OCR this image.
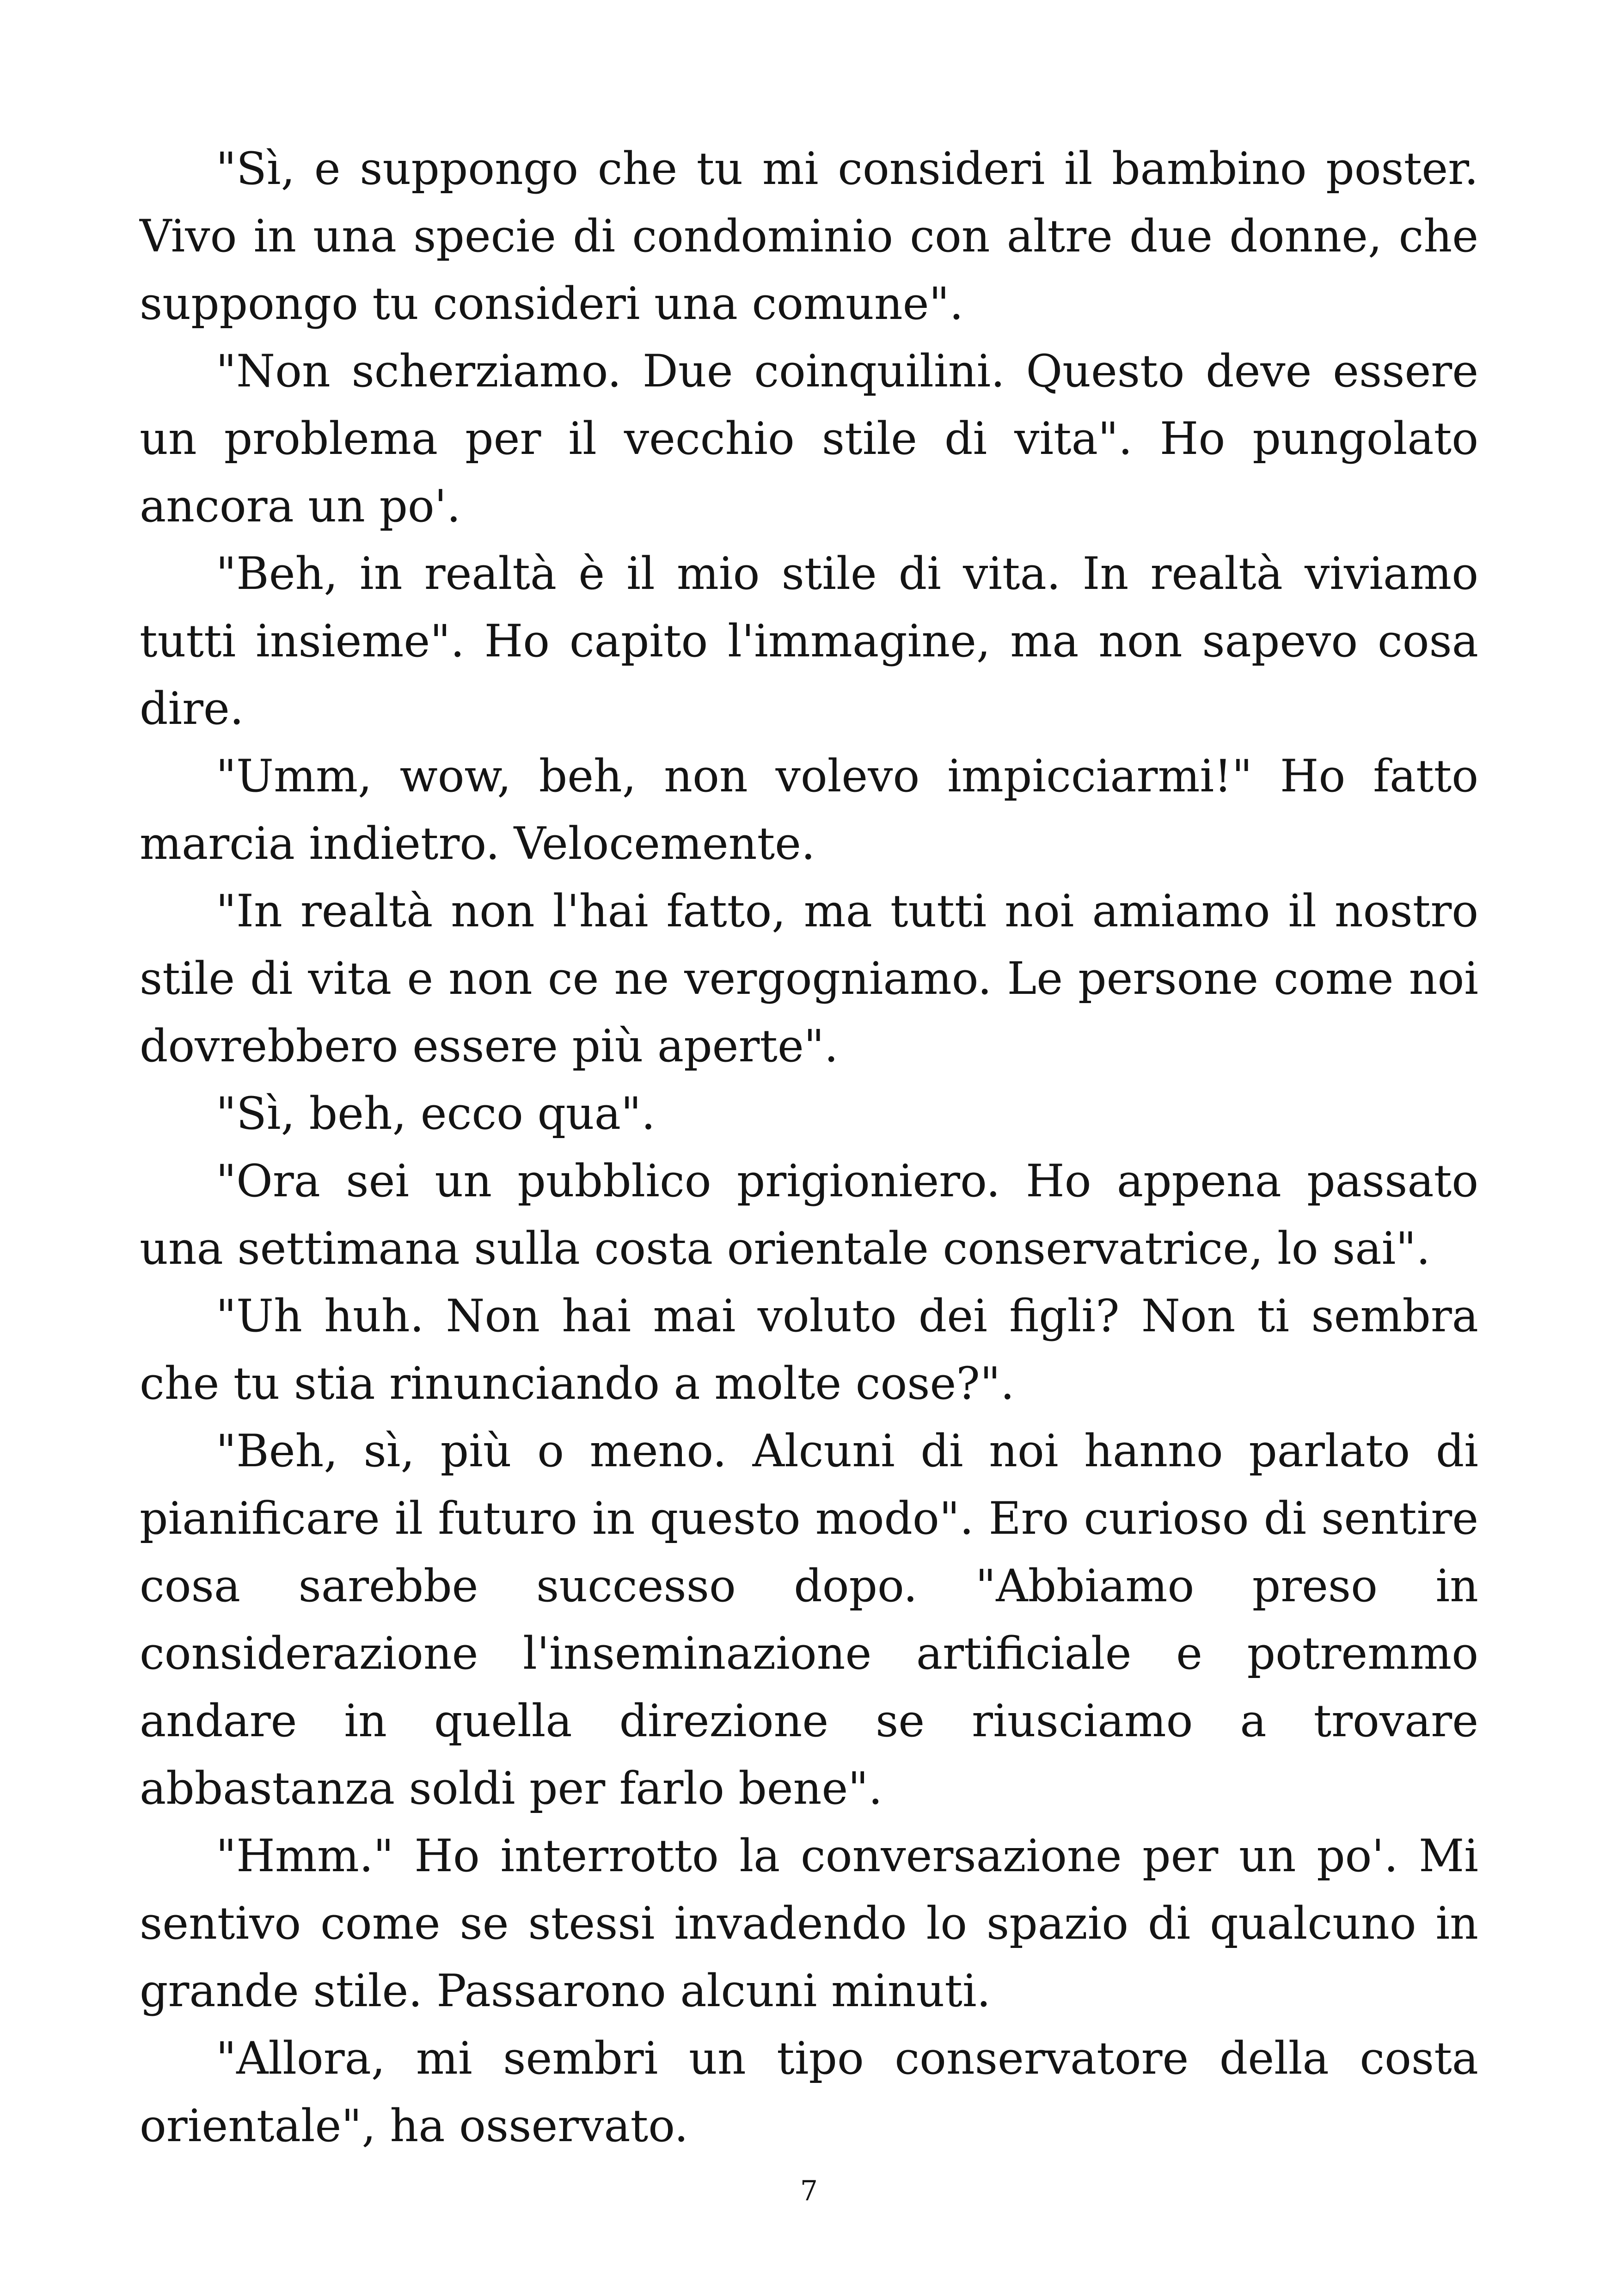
"Sì, e suppongo che tu mi consideri il bambino poster. Vivo in una specie di condominio con altre due donne, che suppongo tu consideri una comune".

"Non scherziamo. Due coinquilini. Questo deve essere un problema per il vecchio stile di vita". Ho pungolato ancora un po'.

"Beh, in realtà è il mio stile di vita. In realtà viviamo tutti insieme". Ho capito l'immagine, ma non sapevo cosa dire.

"Umm, wow, beh, non volevo impicciarmi!" Ho fatto marcia indietro. Velocemente.

"In realtà non l'hai fatto, ma tutti noi amiamo il nostro stile di vita e non ce ne vergogniamo. Le persone come noi dovrebbero essere più aperte".

"Sì, beh, ecco qua".

"Ora sei un pubblico prigioniero. Ho appena passato una settimana sulla costa orientale conservatrice, lo sai".

"Uh huh. Non hai mai voluto dei figli? Non ti sembra che tu stia rinunciando a molte cose?".

"Beh, sì, più o meno. Alcuni di noi hanno parlato di pianificare il futuro in questo modo". Ero curioso di sentire cosa sarebbe successo dopo. "Abbiamo preso in considerazione l'inseminazione artificiale e potremmo andare in quella direzione se riusciamo a trovare abbastanza soldi per farlo bene".

"Hmm." Ho interrotto la conversazione per un po'. Mi sentivo come se stessi invadendo lo spazio di qualcuno in grande stile. Passarono alcuni minuti.

"Allora, mi sembri un tipo conservatore della costa orientale", ha osservato.

7
